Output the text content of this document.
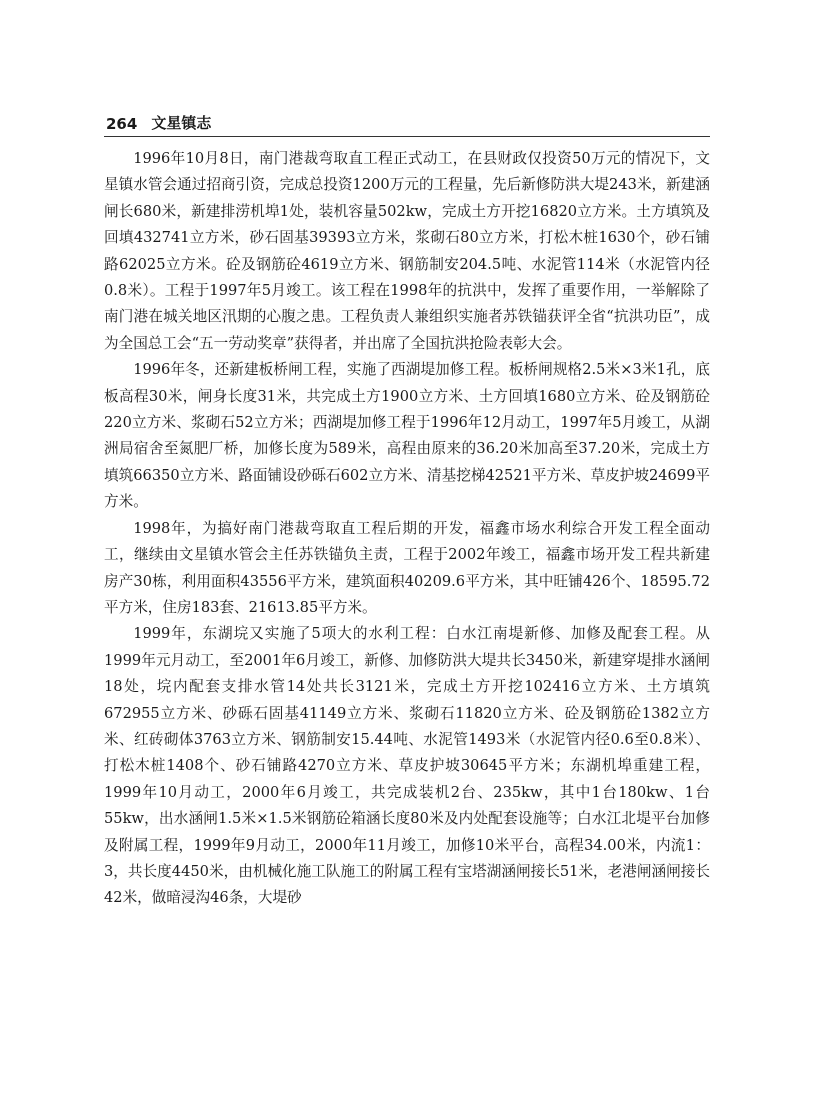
264 文星镇志

1996年10月8日，南门港裁弯取直工程正式动工，在县财政仅投资50万元的情况下，文星镇水管会通过招商引资，完成总投资1200万元的工程量，先后新修防洪大堤243米，新建涵闸长680米，新建排涝机埠1处，装机容量502kw，完成土方开挖16820立方米。土方填筑及回填432741立方米，砂石固基39393立方米，浆砌石80立方米，打松木桩1630个，砂石铺路62025立方米。砼及钢筋砼4619立方米、钢筋制安204.5吨、水泥管114米（水泥管内径0.8米）。工程于1997年5月竣工。该工程在1998年的抗洪中，发挥了重要作用，一举解除了南门港在城关地区汛期的心腹之患。工程负责人兼组织实施者苏铁锚获评全省“抗洪功臣”，成为全国总工会“五一劳动奖章”获得者，并出席了全国抗洪抢险表彰大会。

1996年冬，还新建板桥闸工程，实施了西湖堤加修工程。板桥闸规格2.5米×3米1孔，底板高程30米，闸身长度31米，共完成土方1900立方米、土方回填1680立方米、砼及钢筋砼220立方米、浆砌石52立方米；西湖堤加修工程于1996年12月动工，1997年5月竣工，从湖洲局宿舍至氮肥厂桥，加修长度为589米，高程由原来的36.20米加高至37.20米，完成土方填筑66350立方米、路面铺设砂砾石602立方米、清基挖梯42521平方米、草皮护坡24699平方米。

1998年，为搞好南门港裁弯取直工程后期的开发，福鑫市场水利综合开发工程全面动工，继续由文星镇水管会主任苏铁锚负主责，工程于2002年竣工，福鑫市场开发工程共新建房产30栋，利用面积43556平方米，建筑面积40209.6平方米，其中旺铺426个、18595.72平方米，住房183套、21613.85平方米。

1999年，东湖垸又实施了5项大的水利工程：白水江南堤新修、加修及配套工程。从1999年元月动工，至2001年6月竣工，新修、加修防洪大堤共长3450米，新建穿堤排水涵闸18处，垸内配套支排水管14处共长3121米，完成土方开挖102416立方米、土方填筑672955立方米、砂砾石固基41149立方米、浆砌石11820立方米、砼及钢筋砼1382立方米、红砖砌体3763立方米、钢筋制安15.44吨、水泥管1493米（水泥管内径0.6至0.8米）、打松木桩1408个、砂石铺路4270立方米、草皮护坡30645平方米；东湖机埠重建工程，1999年10月动工，2000年6月竣工，共完成装机2台、235kw，其中1台180kw、1台55kw，出水涵闸1.5米×1.5米钢筋砼箱涵长度80米及内处配套设施等；白水江北堤平台加修及附属工程，1999年9月动工，2000年11月竣工，加修10米平台，高程34.00米，内流1：3，共长度4450米，由机械化施工队施工的附属工程有宝塔湖涵闸接长51米，老港闸涵闸接长42米，做暗浸沟46条，大堤砂
